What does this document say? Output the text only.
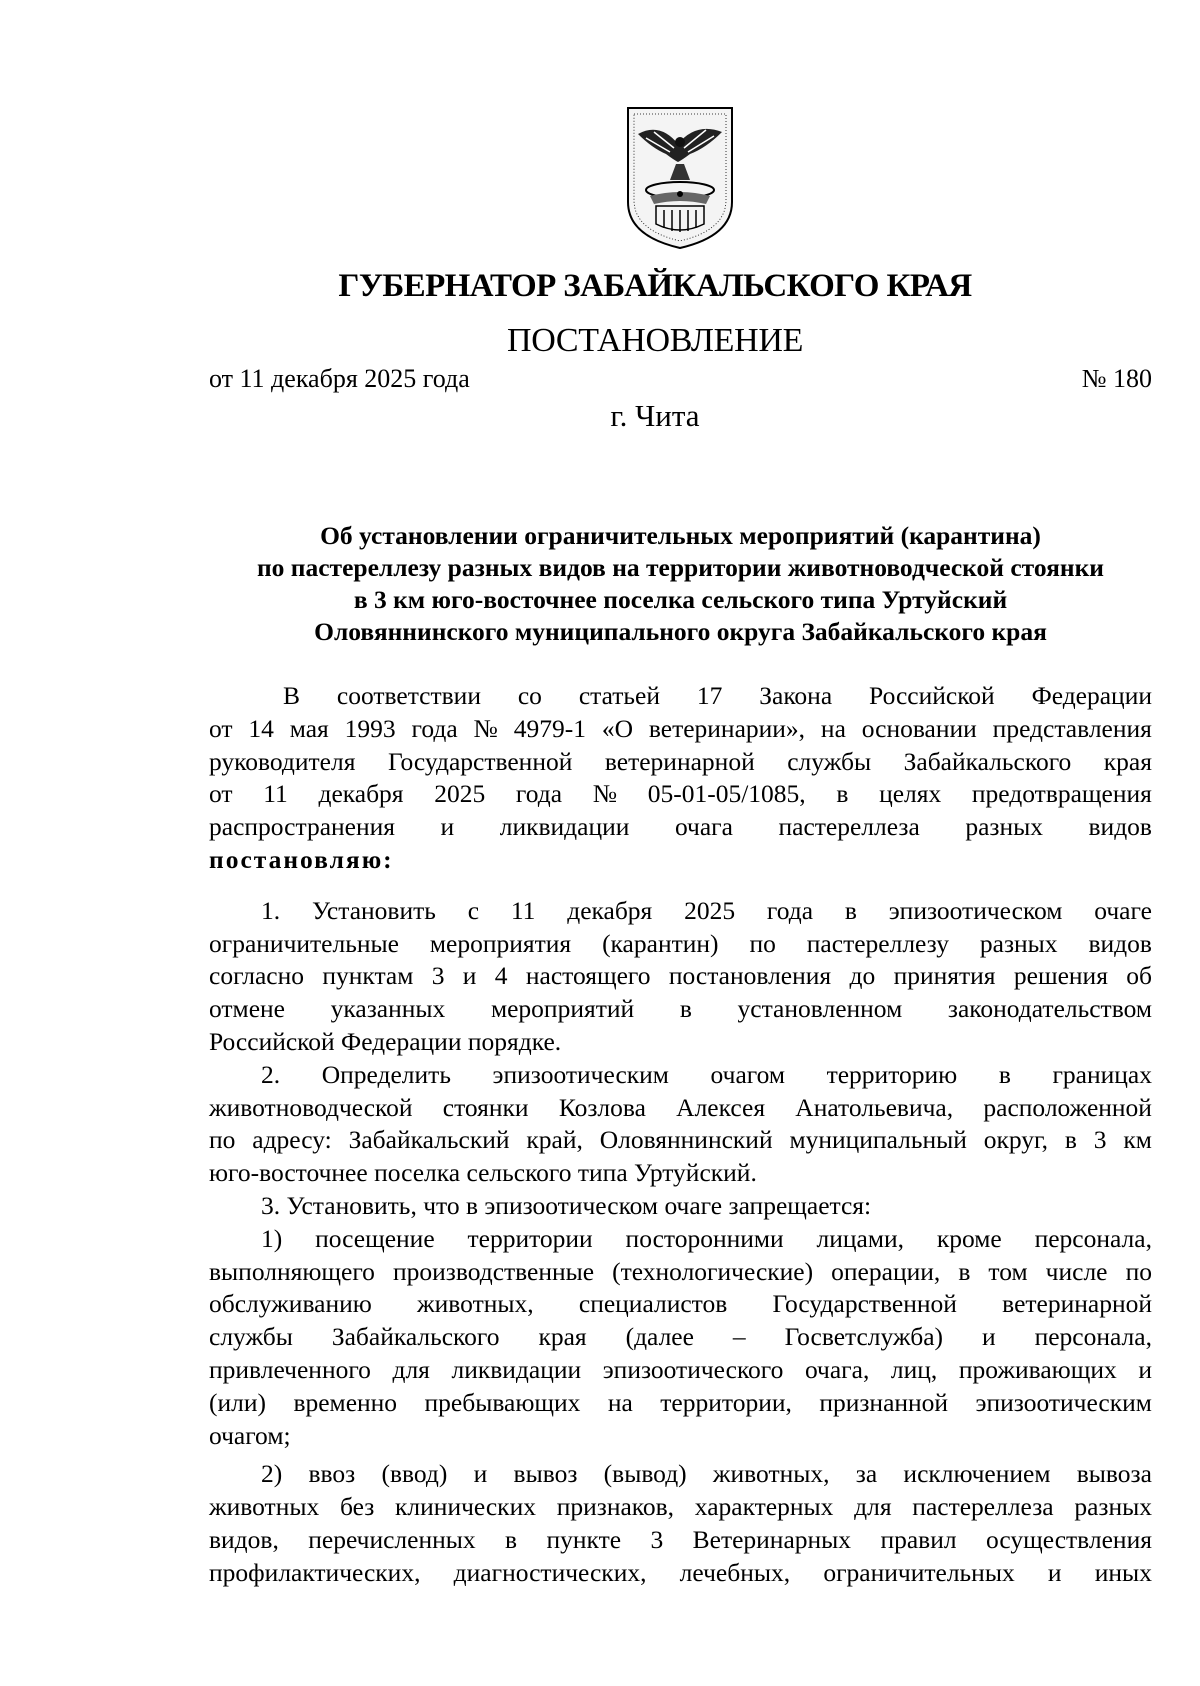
ГУБЕРНАТОР ЗАБАЙКАЛЬСКОГО КРАЯ
ПОСТАНОВЛЕНИЕ
от 11 декабря 2025 года	№ 180
г. Чита
Об установлении ограничительных мероприятий (карантина)
по пастереллезу разных видов на территории животноводческой стоянки
в 3 км юго-восточнее поселка сельского типа Уртуйский
Оловяннинского муниципального округа Забайкальского края
В соответствии со статьей 17 Закона Российской Федерации
от 14 мая 1993 года № 4979-1 «О ветеринарии», на основании представления
руководителя Государственной ветеринарной службы Забайкальского края
от 11 декабря 2025 года № 05-01-05/1085, в целях предотвращения
распространения и ликвидации очага пастереллеза разных видов
постановляю:
1. Установить с 11 декабря 2025 года в эпизоотическом очаге
ограничительные мероприятия (карантин) по пастереллезу разных видов
согласно пунктам 3 и 4 настоящего постановления до принятия решения об
отмене указанных мероприятий в установленном законодательством
Российской Федерации порядке.
2. Определить эпизоотическим очагом территорию в границах
животноводческой стоянки Козлова Алексея Анатольевича, расположенной
по адресу: Забайкальский край, Оловяннинский муниципальный округ, в 3 км
юго-восточнее поселка сельского типа Уртуйский.
3. Установить, что в эпизоотическом очаге запрещается:
1) посещение территории посторонними лицами, кроме персонала,
выполняющего производственные (технологические) операции, в том числе по
обслуживанию животных, специалистов Государственной ветеринарной
службы Забайкальского края (далее – Госветслужба) и персонала,
привлеченного для ликвидации эпизоотического очага, лиц, проживающих и
(или) временно пребывающих на территории, признанной эпизоотическим
очагом;
2) ввоз (ввод) и вывоз (вывод) животных, за исключением вывоза
животных без клинических признаков, характерных для пастереллеза разных
видов, перечисленных в пункте 3 Ветеринарных правил осуществления
профилактических, диагностических, лечебных, ограничительных и иных
